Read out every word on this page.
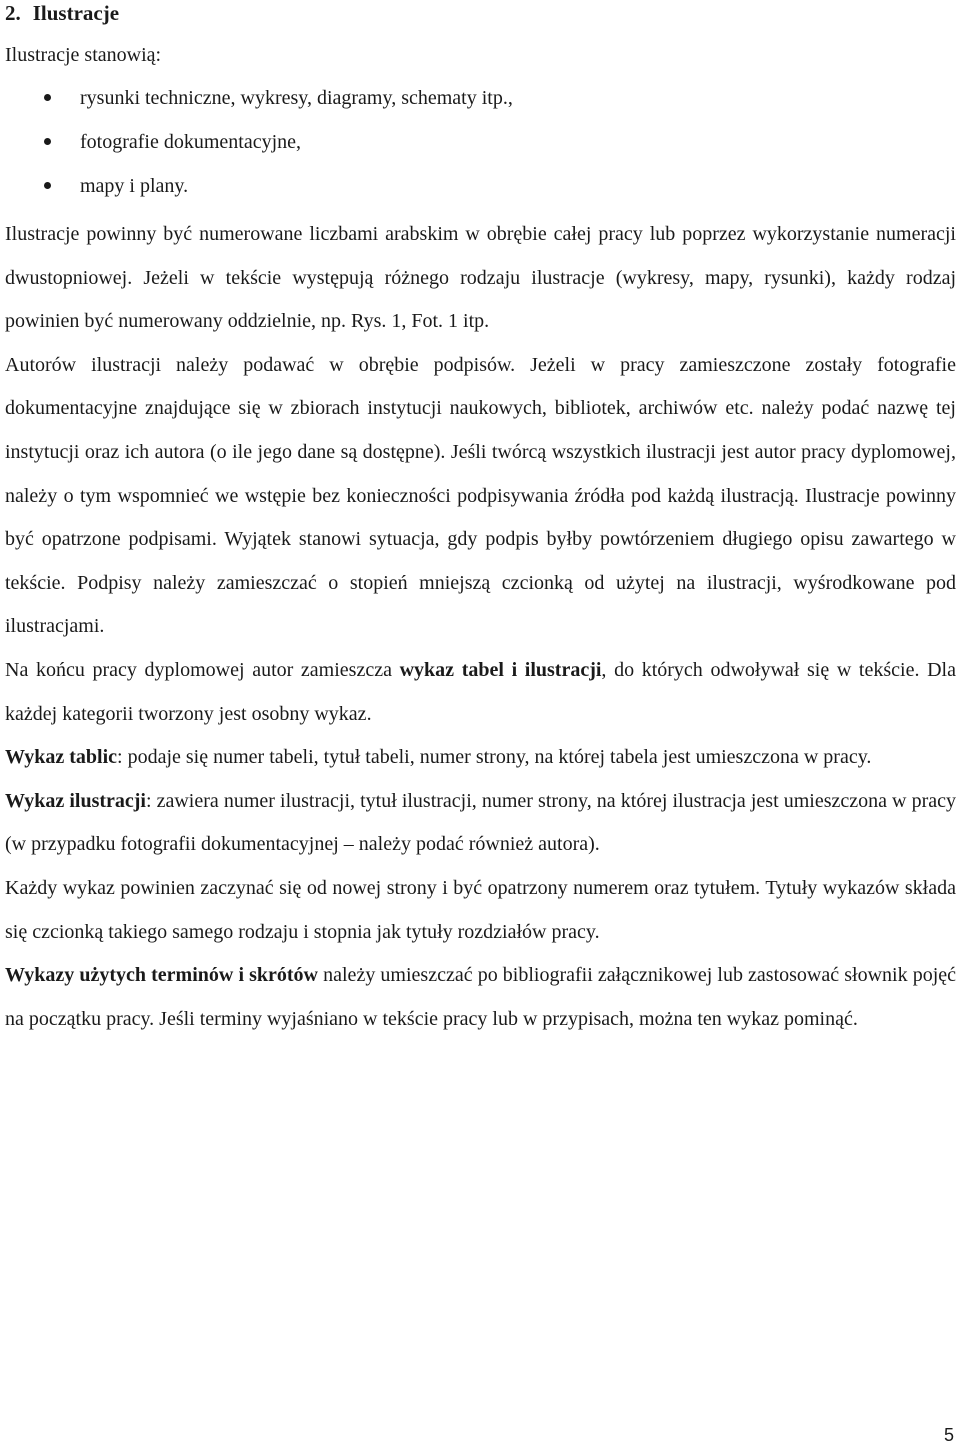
2. Ilustracje

Ilustracje stanowią:

rysunki techniczne, wykresy, diagramy, schematy itp.,
fotografie dokumentacyjne,
mapy i plany.

Ilustracje powinny być numerowane liczbami arabskim w obrębie całej pracy lub poprzez wykorzystanie numeracji dwustopniowej. Jeżeli w tekście występują różnego rodzaju ilustracje (wykresy, mapy, rysunki), każdy rodzaj powinien być numerowany oddzielnie, np. Rys. 1, Fot. 1 itp.

Autorów ilustracji należy podawać w obrębie podpisów. Jeżeli w pracy zamieszczone zostały fotografie dokumentacyjne znajdujące się w zbiorach instytucji naukowych, bibliotek, archiwów etc. należy podać nazwę tej instytucji oraz ich autora (o ile jego dane są dostępne). Jeśli twórcą wszystkich ilustracji jest autor pracy dyplomowej, należy o tym wspomnieć we wstępie bez konieczności podpisywania źródła pod każdą ilustracją. Ilustracje powinny być opatrzone podpisami. Wyjątek stanowi sytuacja, gdy podpis byłby powtórzeniem długiego opisu zawartego w tekście. Podpisy należy zamieszczać o stopień mniejszą czcionką od użytej na ilustracji, wyśrodkowane pod ilustracjami.

Na końcu pracy dyplomowej autor zamieszcza wykaz tabel i ilustracji, do których odwoływał się w tekście. Dla każdej kategorii tworzony jest osobny wykaz.

Wykaz tablic: podaje się numer tabeli, tytuł tabeli, numer strony, na której tabela jest umieszczona w pracy.

Wykaz ilustracji: zawiera numer ilustracji, tytuł ilustracji, numer strony, na której ilustracja jest umieszczona w pracy (w przypadku fotografii dokumentacyjnej – należy podać również autora).

Każdy wykaz powinien zaczynać się od nowej strony i być opatrzony numerem oraz tytułem. Tytuły wykazów składa się czcionką takiego samego rodzaju i stopnia jak tytuły rozdziałów pracy.

Wykazy użytych terminów i skrótów należy umieszczać po bibliografii załącznikowej lub zastosować słownik pojęć na początku pracy. Jeśli terminy wyjaśniano w tekście pracy lub w przypisach, można ten wykaz pominąć.

5
